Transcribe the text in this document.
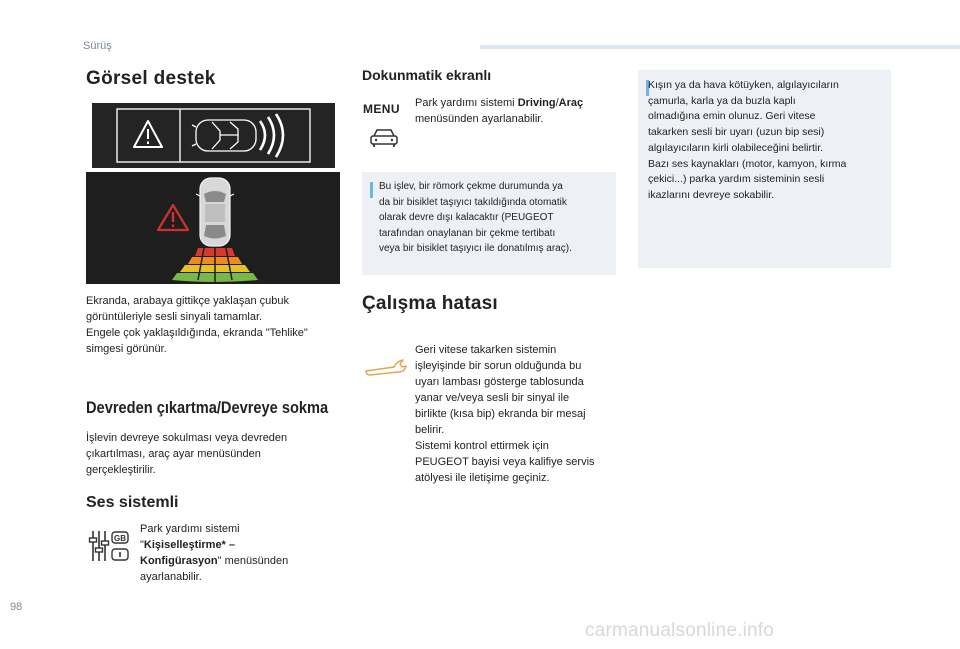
Sürüş
Görsel destek
Ekranda, arabaya gittikçe yaklaşan çubuk
görüntüleriyle sesli sinyali tamamlar.
Engele çok yaklaşıldığında, ekranda "Tehlike"
simgesi görünür.
Devreden çıkartma/Devreye sokma
İşlevin devreye sokulması veya devreden
çıkartılması, araç ayar menüsünden
gerçekleştirilir.
Ses sistemli
GB
Park yardımı sistemi
"Kişiselleştirme* –
Konfigürasyon" menüsünden
ayarlanabilir.
Dokunmatik ekranlı
MENU Park yardımı sistemi Driving/Araç
menüsünden ayarlanabilir.
Bu işlev, bir römork çekme durumunda ya
da bir bisiklet taşıyıcı takıldığında otomatik
olarak devre dışı kalacaktır (PEUGEOT
tarafından onaylanan bir çekme tertibatı
veya bir bisiklet taşıyıcı ile donatılmış araç).
Çalışma hatası
Geri vitese takarken sistemin
işleyişinde bir sorun olduğunda bu
uyarı lambası gösterge tablosunda
yanar ve/veya sesli bir sinyal ile
birlikte (kısa bip) ekranda bir mesaj
belirir.
Sistemi kontrol ettirmek için
PEUGEOT bayisi veya kalifiye servis
atölyesi ile iletişime geçiniz.
Kışın ya da hava kötüyken, algılayıcıların
çamurla, karla ya da buzla kaplı
olmadığına emin olunuz. Geri vitese
takarken sesli bir uyarı (uzun bip sesi)
algılayıcıların kirli olabileceğini belirtir.
Bazı ses kaynakları (motor, kamyon, kırma
çekici...) parka yardım sisteminin sesli
ikazlarını devreye sokabilir.
98
carmanualsonline.info
